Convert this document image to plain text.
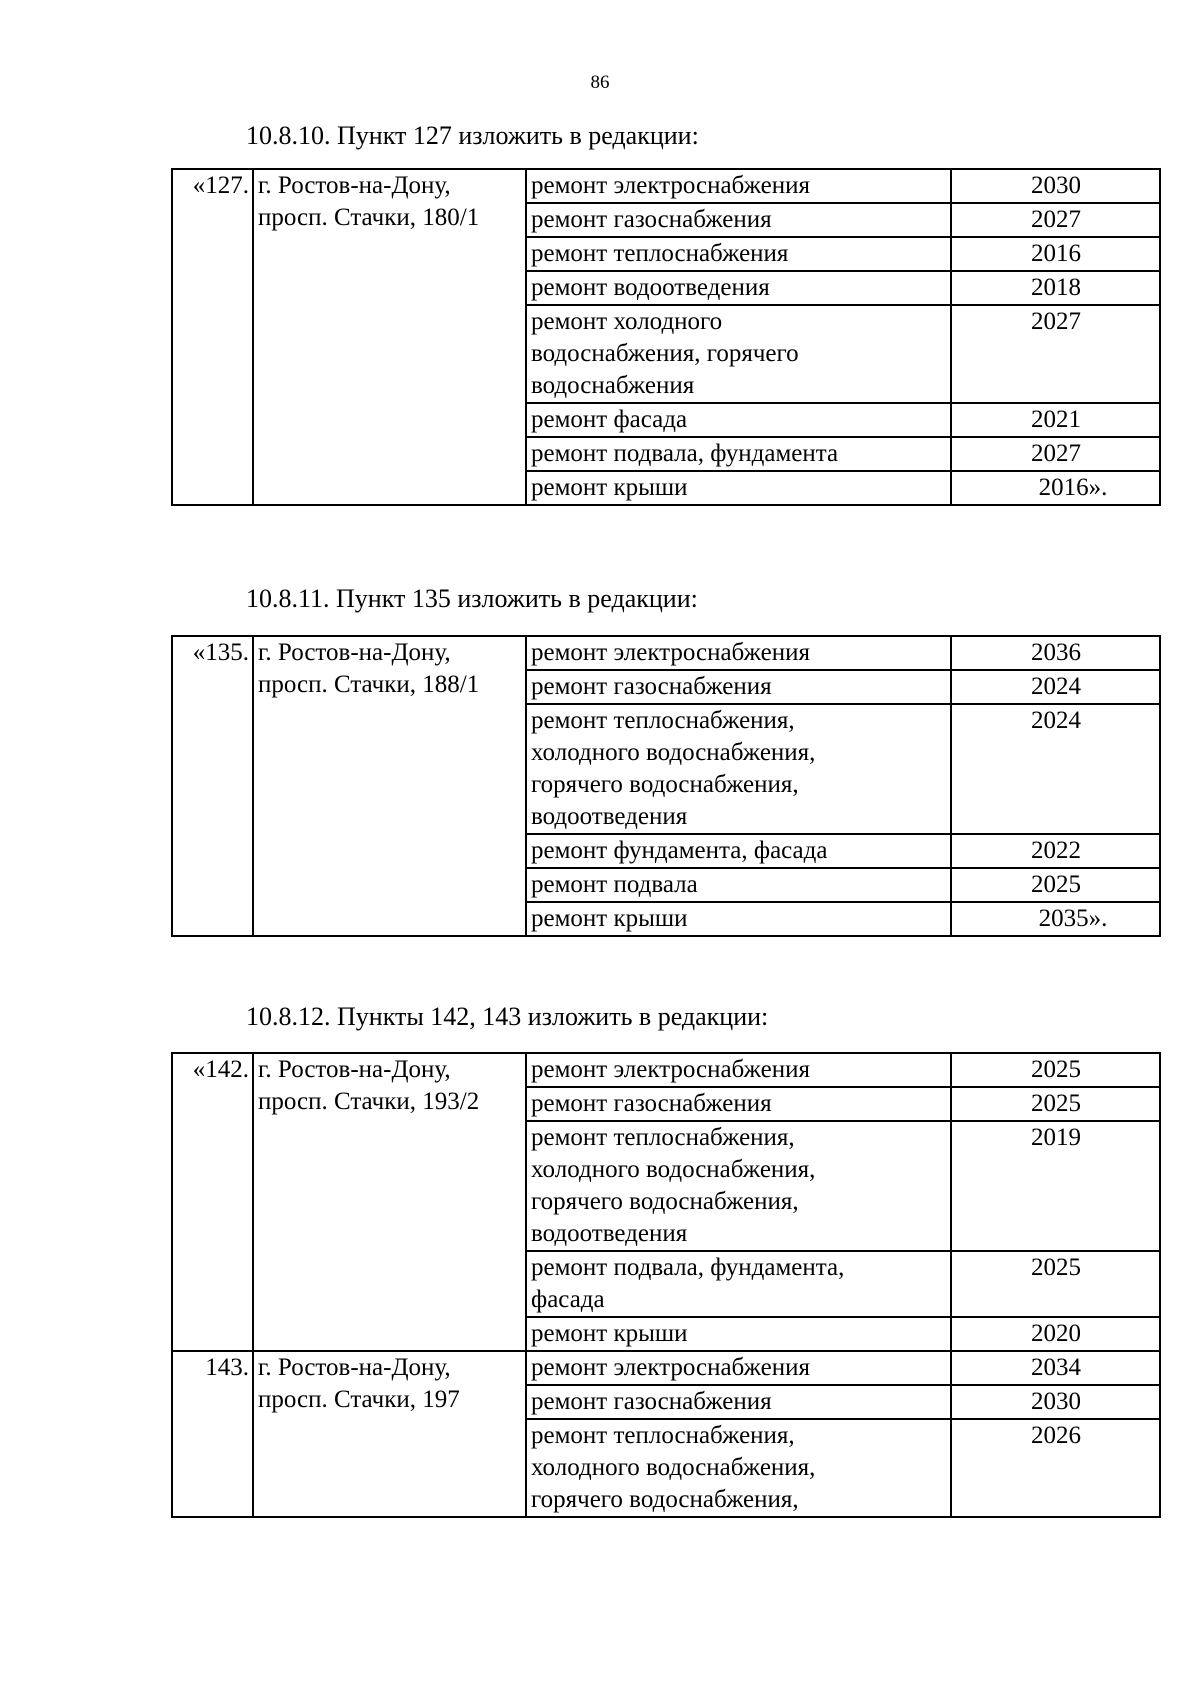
86
10.8.10. Пункт 127 изложить в редакции:
«127.	г. Ростов-на-Дону, просп. Стачки, 180/1	ремонт электроснабжения	2030
		ремонт газоснабжения	2027
		ремонт теплоснабжения	2016
		ремонт водоотведения	2018
		ремонт холодного
водоснабжения, горячего
водоснабжения	2027
		ремонт фасада	2021
		ремонт подвала, фундамента	2027
		ремонт крыши	2016».
10.8.11. Пункт 135 изложить в редакции:
«135.	г. Ростов-на-Дону, просп. Стачки, 188/1	ремонт электроснабжения	2036
		ремонт газоснабжения	2024
		ремонт теплоснабжения,
холодного водоснабжения,
горячего водоснабжения,
водоотведения	2024
		ремонт фундамента, фасада	2022
		ремонт подвала	2025
		ремонт крыши	2035».
10.8.12. Пункты 142, 143 изложить в редакции:
«142.	г. Ростов-на-Дону, просп. Стачки, 193/2	ремонт электроснабжения	2025
		ремонт газоснабжения	2025
		ремонт теплоснабжения,
холодного водоснабжения,
горячего водоснабжения,
водоотведения	2019
		ремонт подвала, фундамента,
фасада	2025
		ремонт крыши	2020
143.	г. Ростов-на-Дону, просп. Стачки, 197	ремонт электроснабжения	2034
		ремонт газоснабжения	2030
		ремонт теплоснабжения,
холодного водоснабжения,
горячего водоснабжения,	2026
